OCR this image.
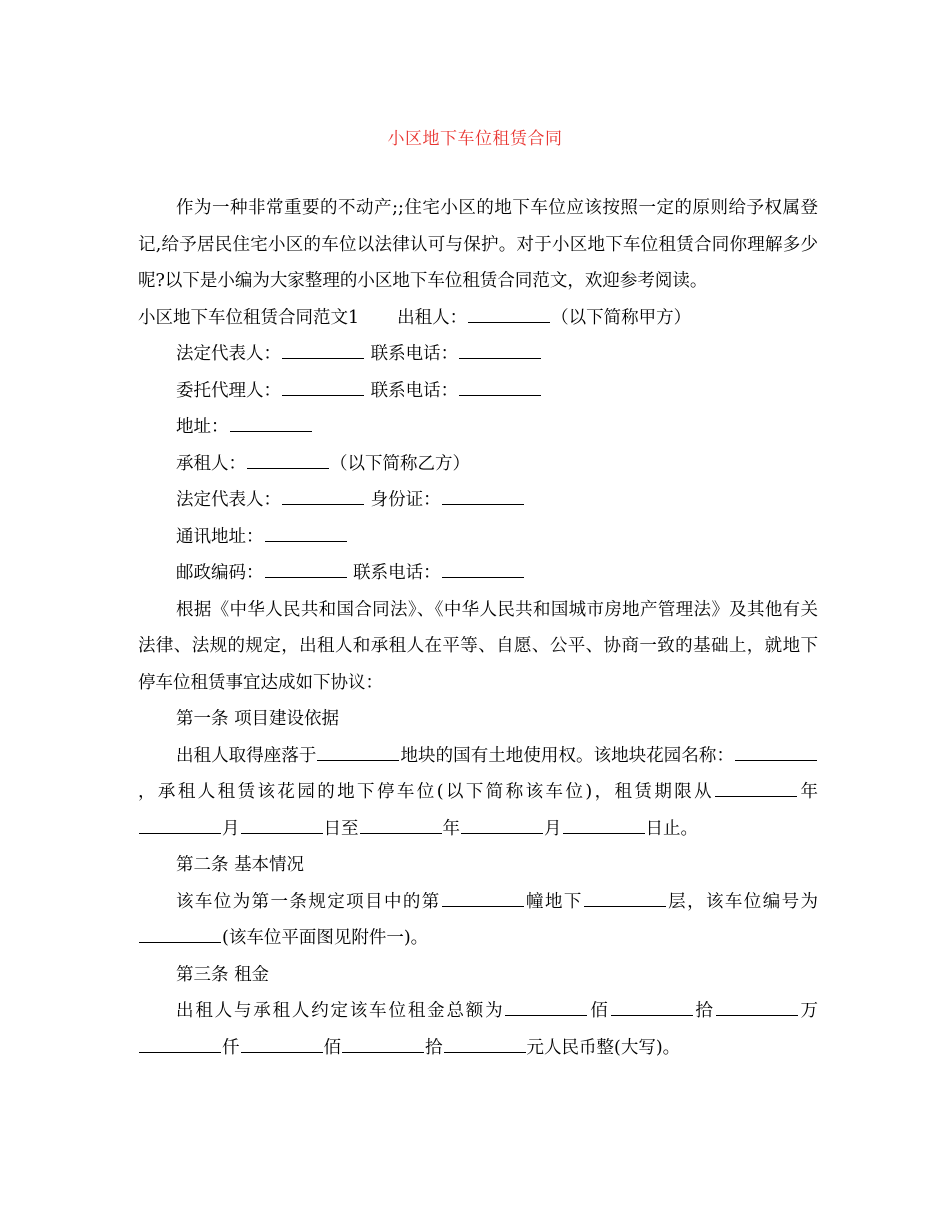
小区地下车位租赁合同

作为一种非常重要的不动产;;住宅小区的地下车位应该按照一定的原则给予权属登记,给予居民住宅小区的车位以法律认可与保护。对于小区地下车位租赁合同你理解多少呢?以下是小编为大家整理的小区地下车位租赁合同范文，欢迎参考阅读。

小区地下车位租赁合同范文1 出租人：	（以下简称甲方）

法定代表人：	联系电话：

委托代理人：	联系电话：

地址：

承租人：	（以下简称乙方）

法定代表人：	身份证：

通讯地址：

邮政编码：	联系电话：

根据《中华人民共和国合同法》、《中华人民共和国城市房地产管理法》及其他有关法律、法规的规定，出租人和承租人在平等、自愿、公平、协商一致的基础上，就地下停车位租赁事宜达成如下协议：

第一条 项目建设依据

出租人取得座落于	地块的国有土地使用权。该地块花园名称：，承租人租赁该花园的地下停车位(以下简称该车位)，租赁期限从	年月	日至	年	月	日止。

第二条 基本情况

该车位为第一条规定项目中的第	幢地下	层，该车位编号为(该车位平面图见附件一)。

第三条 租金

出租人与承租人约定该车位租金总额为	佰	拾	万仟	佰	拾	元人民币整(大写)。
